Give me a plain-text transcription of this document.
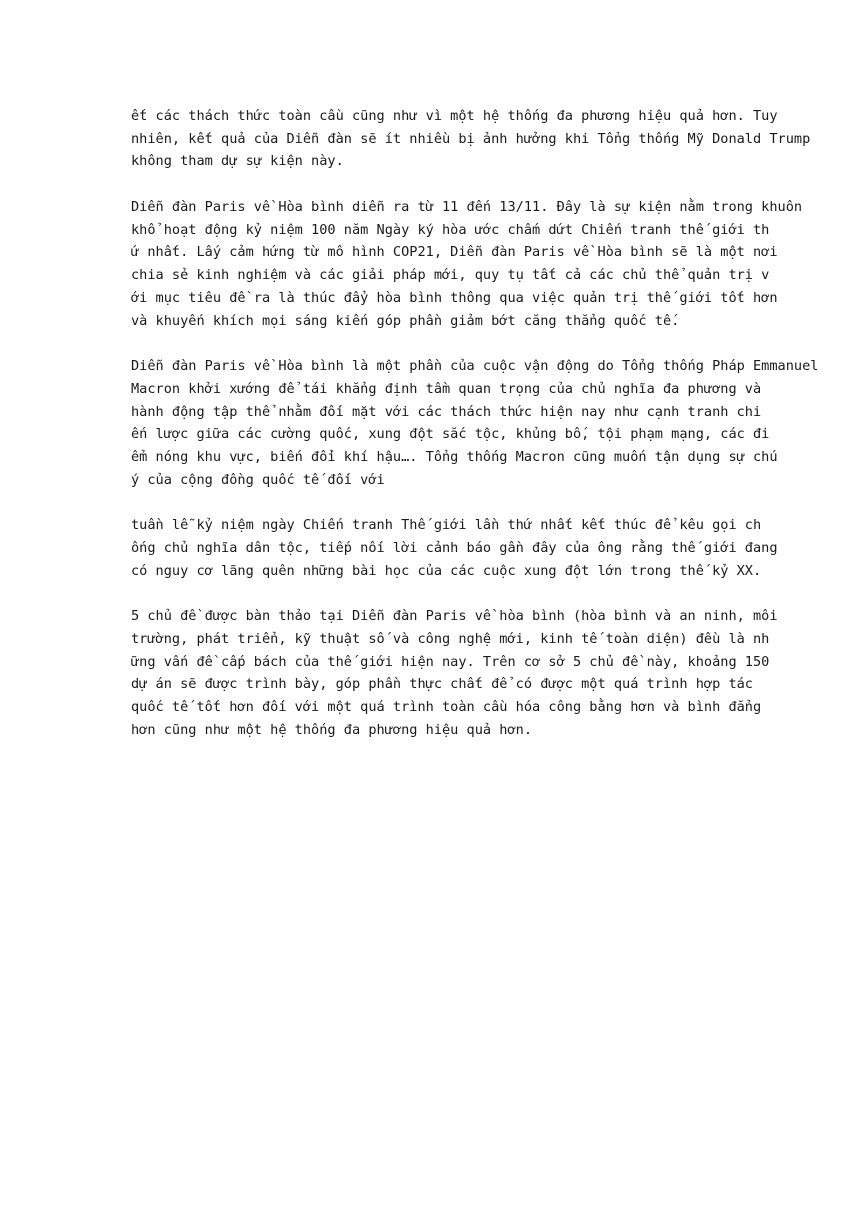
ết các thách thức toàn cầu cũng như vì một hệ thống đa phương hiệu quả hơn. Tuy
nhiên, kết quả của Diễn đàn sẽ ít nhiều bị ảnh hưởng khi Tổng thống Mỹ Donald Trump
không tham dự sự kiện này.
Diễn đàn Paris về Hòa bình diễn ra từ 11 đến 13/11. Đây là sự kiện nằm trong khuôn
khổ hoạt động kỷ niệm 100 năm Ngày ký hòa ước chấm dứt Chiến tranh thế giới th
ứ nhất. Lấy cảm hứng từ mô hình COP21, Diễn đàn Paris về Hòa bình sẽ là một nơi
chia sẻ kinh nghiệm và các giải pháp mới, quy tụ tất cả các chủ thể quản trị v
ới mục tiêu đề ra là thúc đẩy hòa bình thông qua việc quản trị thế giới tốt hơn
và khuyến khích mọi sáng kiến góp phần giảm bớt căng thẳng quốc tế.
Diễn đàn Paris về Hòa bình là một phần của cuộc vận động do Tổng thống Pháp Emmanuel
Macron khởi xướng để tái khẳng định tầm quan trọng của chủ nghĩa đa phương và
hành động tập thể nhằm đối mặt với các thách thức hiện nay như cạnh tranh chi
ến lược giữa các cường quốc, xung đột sắc tộc, khủng bố, tội phạm mạng, các đi
ểm nóng khu vực, biến đổi khí hậu…. Tổng thống Macron cũng muốn tận dụng sự chú
ý của cộng đồng quốc tế đối với
tuần lễ kỷ niệm ngày Chiến tranh Thế giới lần thứ nhất kết thúc để kêu gọi ch
ống chủ nghĩa dân tộc, tiếp nối lời cảnh báo gần đây của ông rằng thế giới đang
có nguy cơ lãng quên những bài học của các cuộc xung đột lớn trong thế kỷ XX.
5 chủ đề được bàn thảo tại Diễn đàn Paris về hòa bình (hòa bình và an ninh, môi
trường, phát triển, kỹ thuật số và công nghệ mới, kinh tế toàn diện) đều là nh
ững vấn đề cấp bách của thế giới hiện nay. Trên cơ sở 5 chủ đề này, khoảng 150
dự án sẽ được trình bày, góp phần thực chất để có được một quá trình hợp tác
quốc tế tốt hơn đối với một quá trình toàn cầu hóa công bằng hơn và bình đẳng
hơn cũng như một hệ thống đa phương hiệu quả hơn.
